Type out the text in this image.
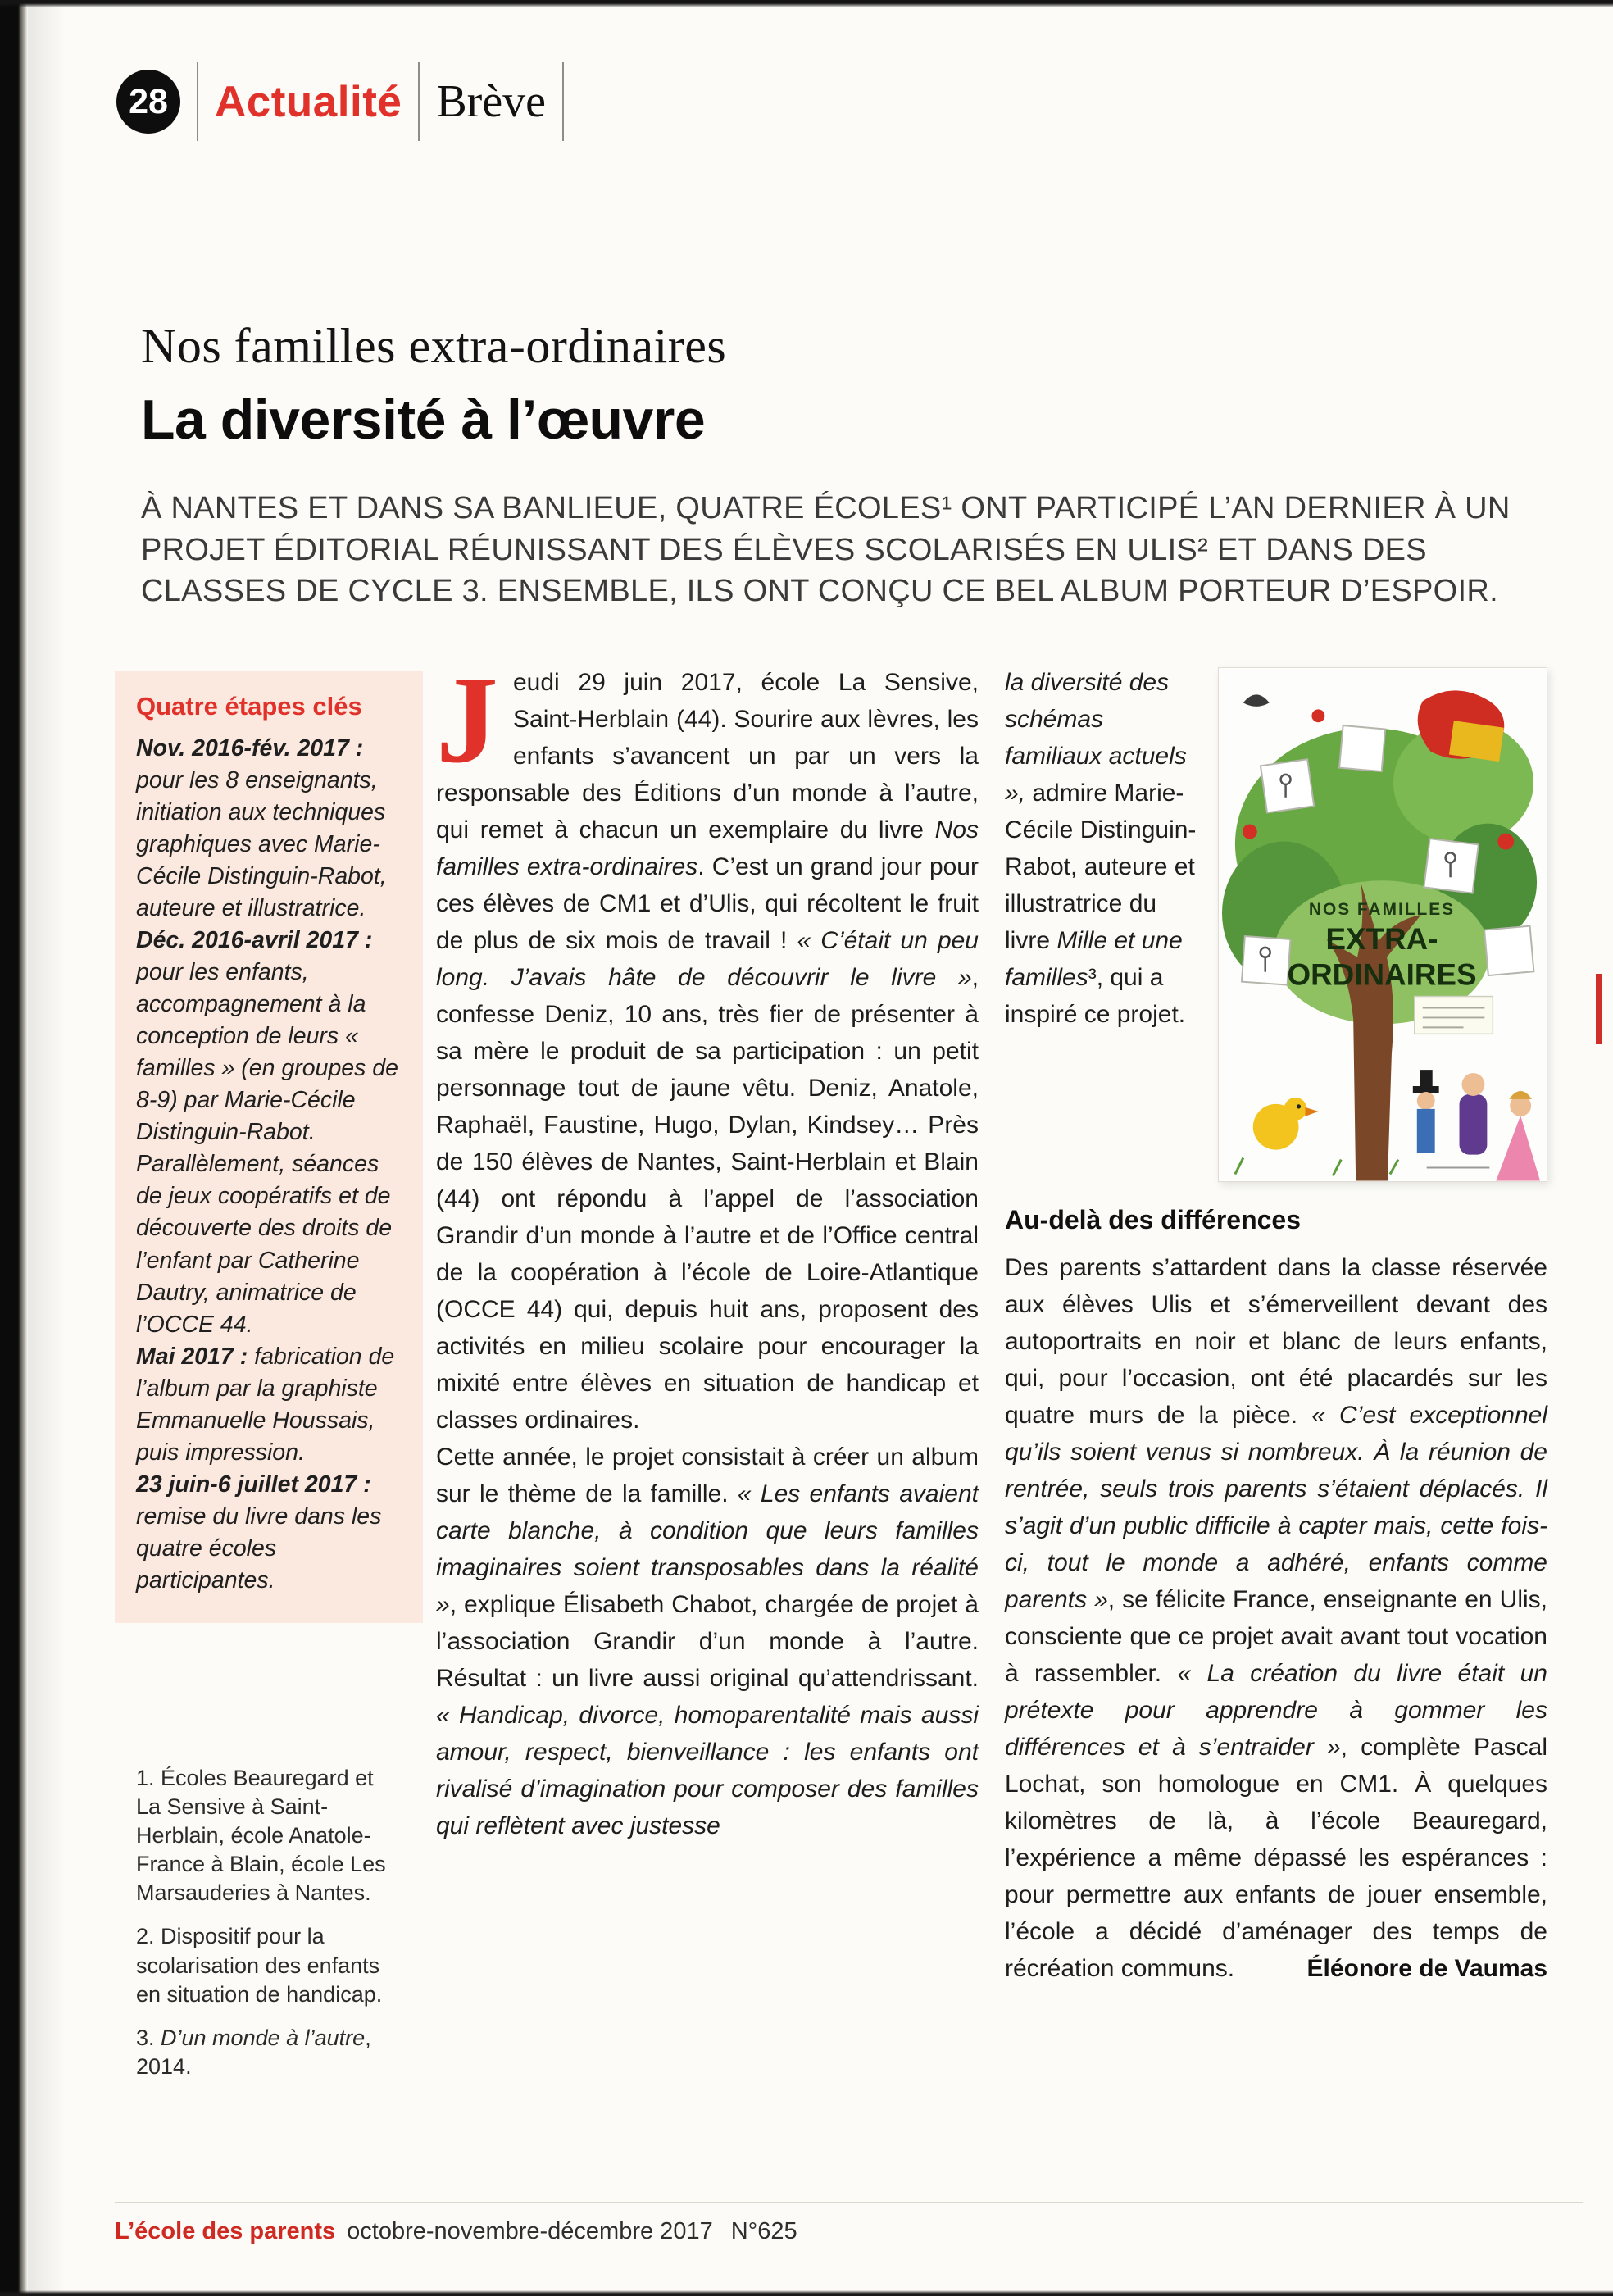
28 Actualité Brève
Nos familles extra-ordinaires
La diversité à l’œuvre

À NANTES ET DANS SA BANLIEUE, QUATRE ÉCOLES¹ ONT PARTICIPÉ L’AN DERNIER À UN PROJET ÉDITORIAL RÉUNISSANT DES ÉLÈVES SCOLARISÉS EN ULIS² ET DANS DES CLASSES DE CYCLE 3. ENSEMBLE, ILS ONT CONÇU CE BEL ALBUM PORTEUR D’ESPOIR.

Quatre étapes clés

Nov. 2016-fév. 2017 : pour les 8 enseignants, initiation aux techniques graphiques avec Marie-Cécile Distinguin-Rabot, auteure et illustratrice.

Déc. 2016-avril 2017 : pour les enfants, accompagnement à la conception de leurs « familles » (en groupes de 8-9) par Marie-Cécile Distinguin-Rabot. Parallèlement, séances de jeux coopératifs et de découverte des droits de l’enfant par Catherine Dautry, animatrice de l’OCCE 44.

Mai 2017 : fabrication de l’album par la graphiste Emmanuelle Houssais, puis impression.

23 juin-6 juillet 2017 : remise du livre dans les quatre écoles participantes.

1. Écoles Beauregard et La Sensive à Saint-Herblain, école Anatole-France à Blain, école Les Marsauderies à Nantes.

2. Dispositif pour la scolarisation des enfants en situation de handicap.

3. D’un monde à l’autre, 2014.

Jeudi 29 juin 2017, école La Sensive, Saint-Herblain (44). Sourire aux lèvres, les enfants s’avancent un par un vers la responsable des Éditions d’un monde à l’autre, qui remet à chacun un exemplaire du livre Nos familles extra-ordinaires. C’est un grand jour pour ces élèves de CM1 et d’Ulis, qui récoltent le fruit de plus de six mois de travail ! « C’était un peu long. J’avais hâte de découvrir le livre », confesse Deniz, 10 ans, très fier de présenter à sa mère le produit de sa participation : un petit personnage tout de jaune vêtu. Deniz, Anatole, Raphaël, Faustine, Hugo, Dylan, Kindsey… Près de 150 élèves de Nantes, Saint-Herblain et Blain (44) ont répondu à l’appel de l’association Grandir d’un monde à l’autre et de l’Office central de la coopération à l’école de Loire-Atlantique (OCCE 44) qui, depuis huit ans, proposent des activités en milieu scolaire pour encourager la mixité entre élèves en situation de handicap et classes ordinaires.

Cette année, le projet consistait à créer un album sur le thème de la famille. « Les enfants avaient carte blanche, à condition que leurs familles imaginaires soient transposables dans la réalité », explique Élisabeth Chabot, chargée de projet à l’association Grandir d’un monde à l’autre. Résultat : un livre aussi original qu’attendrissant. « Handicap, divorce, homoparentalité mais aussi amour, respect, bienveillance : les enfants ont rivalisé d’imagination pour composer des familles qui reflètent avec justesse

NOS FAMILLES
EXTRA-
ORDINAIRES

la diversité des schémas familiaux actuels », admire Marie-Cécile Distinguin-Rabot, auteure et illustratrice du livre Mille et une familles³, qui a inspiré ce projet.

Au-delà des différences

Des parents s’attardent dans la classe réservée aux élèves Ulis et s’émerveillent devant des autoportraits en noir et blanc de leurs enfants, qui, pour l’occasion, ont été placardés sur les quatre murs de la pièce. « C’est exceptionnel qu’ils soient venus si nombreux. À la réunion de rentrée, seuls trois parents s’étaient déplacés. Il s’agit d’un public difficile à capter mais, cette fois-ci, tout le monde a adhéré, enfants comme parents », se félicite France, enseignante en Ulis, consciente que ce projet avait avant tout vocation à rassembler. « La création du livre était un prétexte pour apprendre à gommer les différences et à s’entraider », complète Pascal Lochat, son homologue en CM1. À quelques kilomètres de là, à l’école Beauregard, l’expérience a même dépassé les espérances : pour permettre aux enfants de jouer ensemble, l’école a décidé d’aménager des temps de récréation communs.	Éléonore de Vaumas

L’école des parents octobre-novembre-décembre 2017 N°625
